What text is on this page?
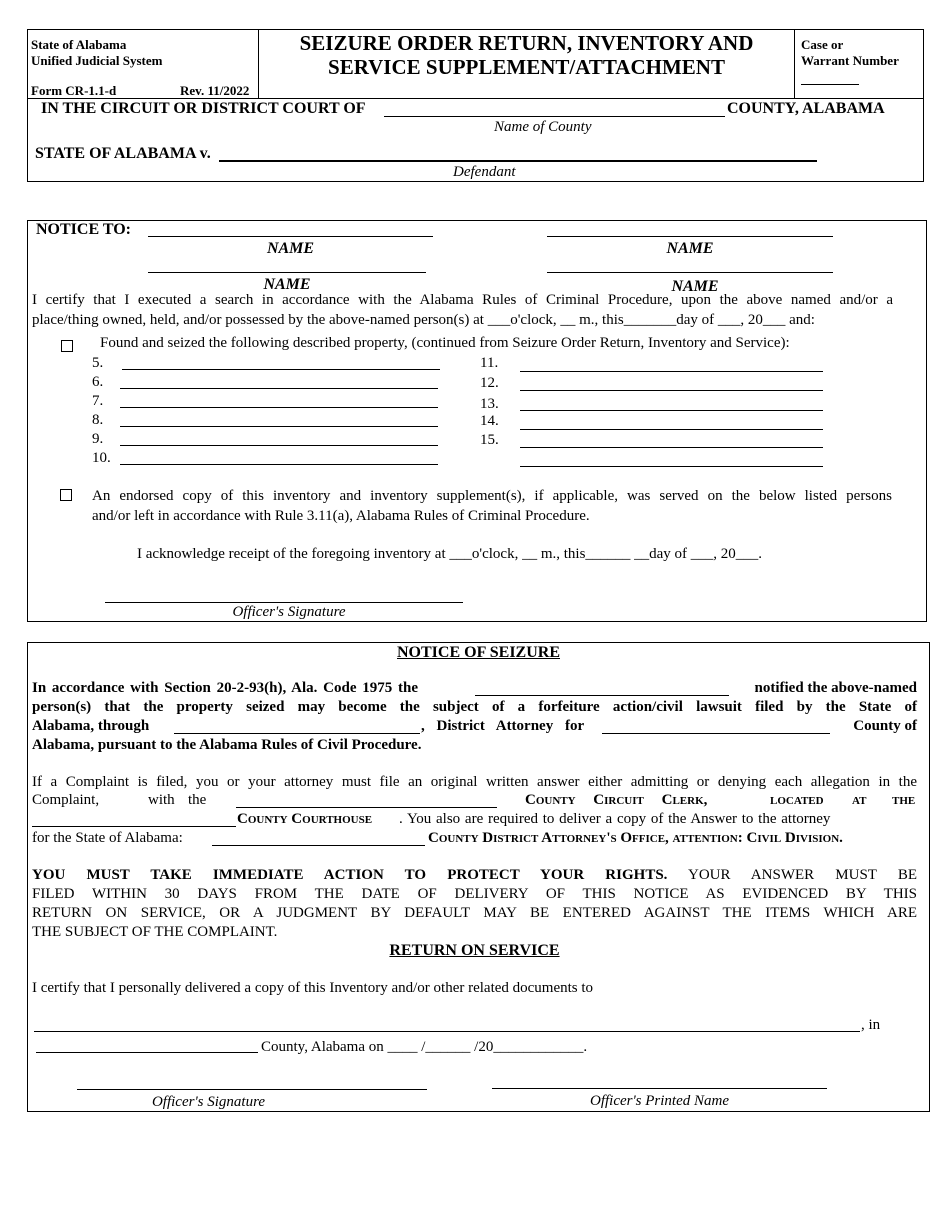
State of Alabama
Unified Judicial System
Form CR-1.1-d	Rev. 11/2022
SEIZURE ORDER RETURN, INVENTORY AND
SERVICE SUPPLEMENT/ATTACHMENT
Case or
Warrant Number
IN THE CIRCUIT OR DISTRICT COURT OF	COUNTY, ALABAMA
Name of County
STATE OF ALABAMA v.
Defendant
NOTICE TO:
NAME	NAME
NAME	NAME
I certify that I executed a search in accordance with the Alabama Rules of Criminal Procedure, upon the above named and/or a
place/thing owned, held, and/or possessed by the above-named person(s) at ___o'clock, __ m., this_______day of ___, 20___ and:
Found and seized the following described property, (continued from Seizure Order Return, Inventory and Service):
5.
6.
7.
8.
9.
10.
11.
12.
13.
14.
15.
An endorsed copy of this inventory and inventory supplement(s), if applicable, was served on the below listed persons
and/or left in accordance with Rule 3.11(a), Alabama Rules of Criminal Procedure.
I acknowledge receipt of the foregoing inventory at ___o'clock, __ m., this______ __day of ___, 20___.
Officer's Signature
NOTICE OF SEIZURE
In accordance with Section 20-2-93(h), Ala. Code 1975 the	notified the above-named
person(s) that the property seized may become the subject of a forfeiture action/civil lawsuit filed by the State of
Alabama, through	, District Attorney for	County of
Alabama, pursuant to the Alabama Rules of Civil Procedure.
If a Complaint is filed, you or your attorney must file an original written answer either admitting or denying each allegation in the
Complaint,	with the	County Circuit Clerk,	located at the
County Courthouse . You also are required to deliver a copy of the Answer to the attorney
for the State of Alabama:	County District Attorney's Office, attention: Civil Division.
YOU MUST TAKE IMMEDIATE ACTION TO PROTECT YOUR RIGHTS. YOUR ANSWER MUST BE
FILED WITHIN 30 DAYS FROM THE DATE OF DELIVERY OF THIS NOTICE AS EVIDENCED BY THIS
RETURN ON SERVICE, OR A JUDGMENT BY DEFAULT MAY BE ENTERED AGAINST THE ITEMS WHICH ARE
THE SUBJECT OF THE COMPLAINT.
RETURN ON SERVICE
I certify that I personally delivered a copy of this Inventory and/or other related documents to
, in
County, Alabama on ____ /______ /20____________.
Officer's Signature	Officer's Printed Name
